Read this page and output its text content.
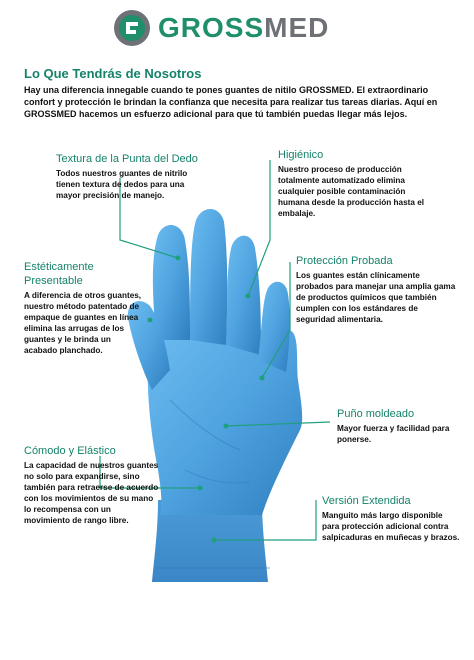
GROSSMED
Lo Que Tendrás de Nosotros
Hay una diferencia innegable cuando te pones guantes de nitilo GROSSMED. El extraordinario confort y protección le brindan la confianza que necesita para realizar tus tareas diarias. Aquí en GROSSMED hacemos un esfuerzo adicional para que tú también puedas llegar más lejos.
Textura de la Punta del Dedo

Todos nuestros guantes de nitrilo tienen textura de dedos para una mayor precisión de manejo.

Higiénico

Nuestro proceso de producción totalmente automatizado elimina cualquier posible contaminación humana desde la producción hasta el embalaje.

Estéticamente Presentable

A diferencia de otros guantes, nuestro método patentado de empaque de guantes en línea elimina las arrugas de los guantes y le brinda un acabado planchado.

Protección Probada

Los guantes están clínicamente probados para manejar una amplia gama de productos químicos que también cumplen con los estándares de seguridad alimentaria.

Puño moldeado

Mayor fuerza y facilidad para ponerse.

Cómodo y Elástico

La capacidad de nuestros guantes no solo para expandirse, sino también para retraerse de acuerdo con los movimientos de su mano lo recompensa con un movimiento de rango libre.

Versión Extendida

Manguito más largo disponible para protección adicional contra salpicaduras en muñecas y brazos.
